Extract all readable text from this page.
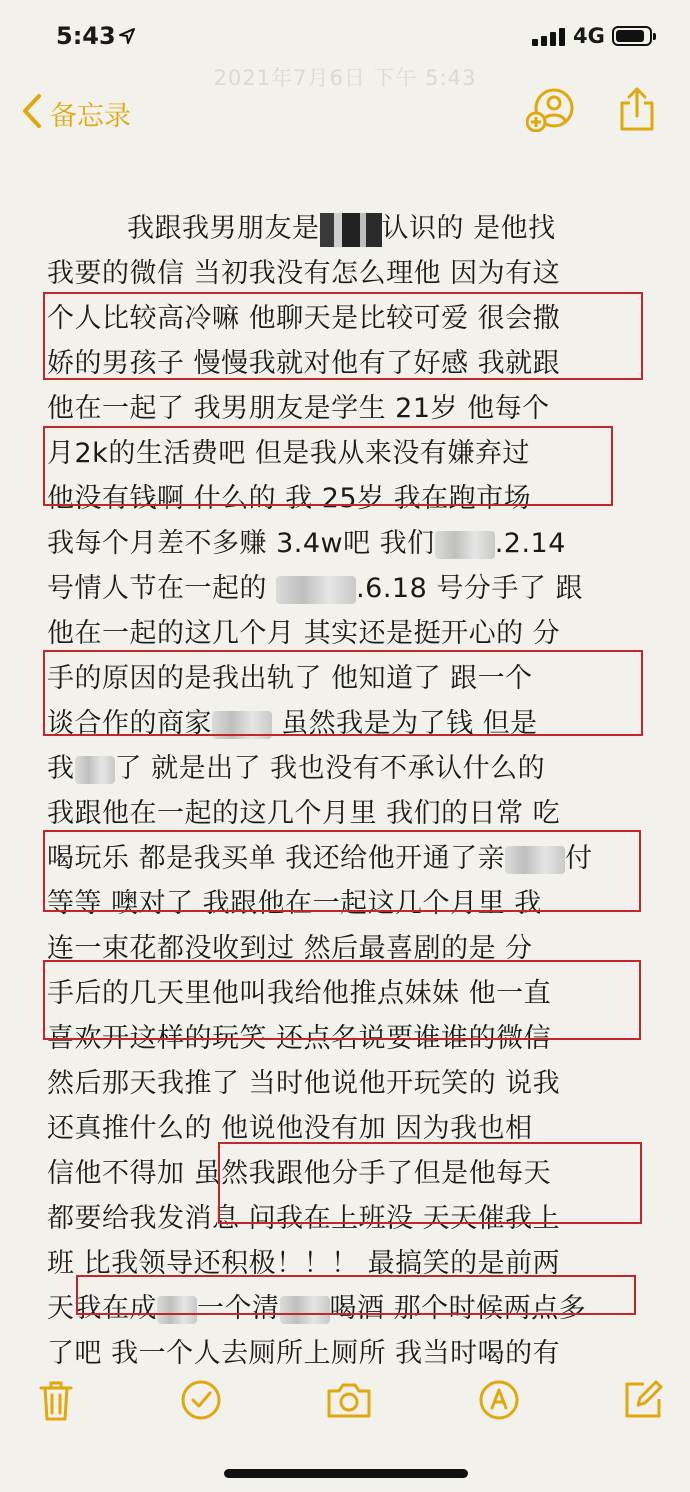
5:43	4G
2021年7月6日 下午 5:43
备忘录
我跟我男朋友是 认识的 是他找
我要的微信 当初我没有怎么理他 因为有这
个人比较高冷嘛 他聊天是比较可爱 很会撒
娇的男孩子 慢慢我就对他有了好感 我就跟
他在一起了 我男朋友是学生 21岁 他每个
月2k的生活费吧 但是我从来没有嫌弃过
他没有钱啊 什么的 我 25岁 我在跑市场
我每个月差不多赚 3.4w吧 我们 .2.14
号情人节在一起的	.6.18 号分手了 跟
他在一起的这几个月 其实还是挺开心的 分
手的原因的是我出轨了 他知道了 跟一个
谈合作的商家 虽然我是为了钱 但是
我 了 就是出了 我也没有不承认什么的
我跟他在一起的这几个月里 我们的日常 吃
喝玩乐 都是我买单 我还给他开通了亲 付
等等 噢对了 我跟他在一起这几个月里 我
连一束花都没收到过 然后最喜剧的是 分
手后的几天里他叫我给他推点妹妹 他一直
喜欢开这样的玩笑 还点名说要谁谁的微信
然后那天我推了 当时他说他开玩笑的 说我
还真推什么的 他说他没有加 因为我也相
信他不得加 虽然我跟他分手了但是他每天
都要给我发消息 问我在上班没 天天催我上
班 比我领导还积极！！！ 最搞笑的是前两
天我在成 一个清 喝酒 那个时候两点多
了吧 我一个人去厕所上厕所 我当时喝的有
